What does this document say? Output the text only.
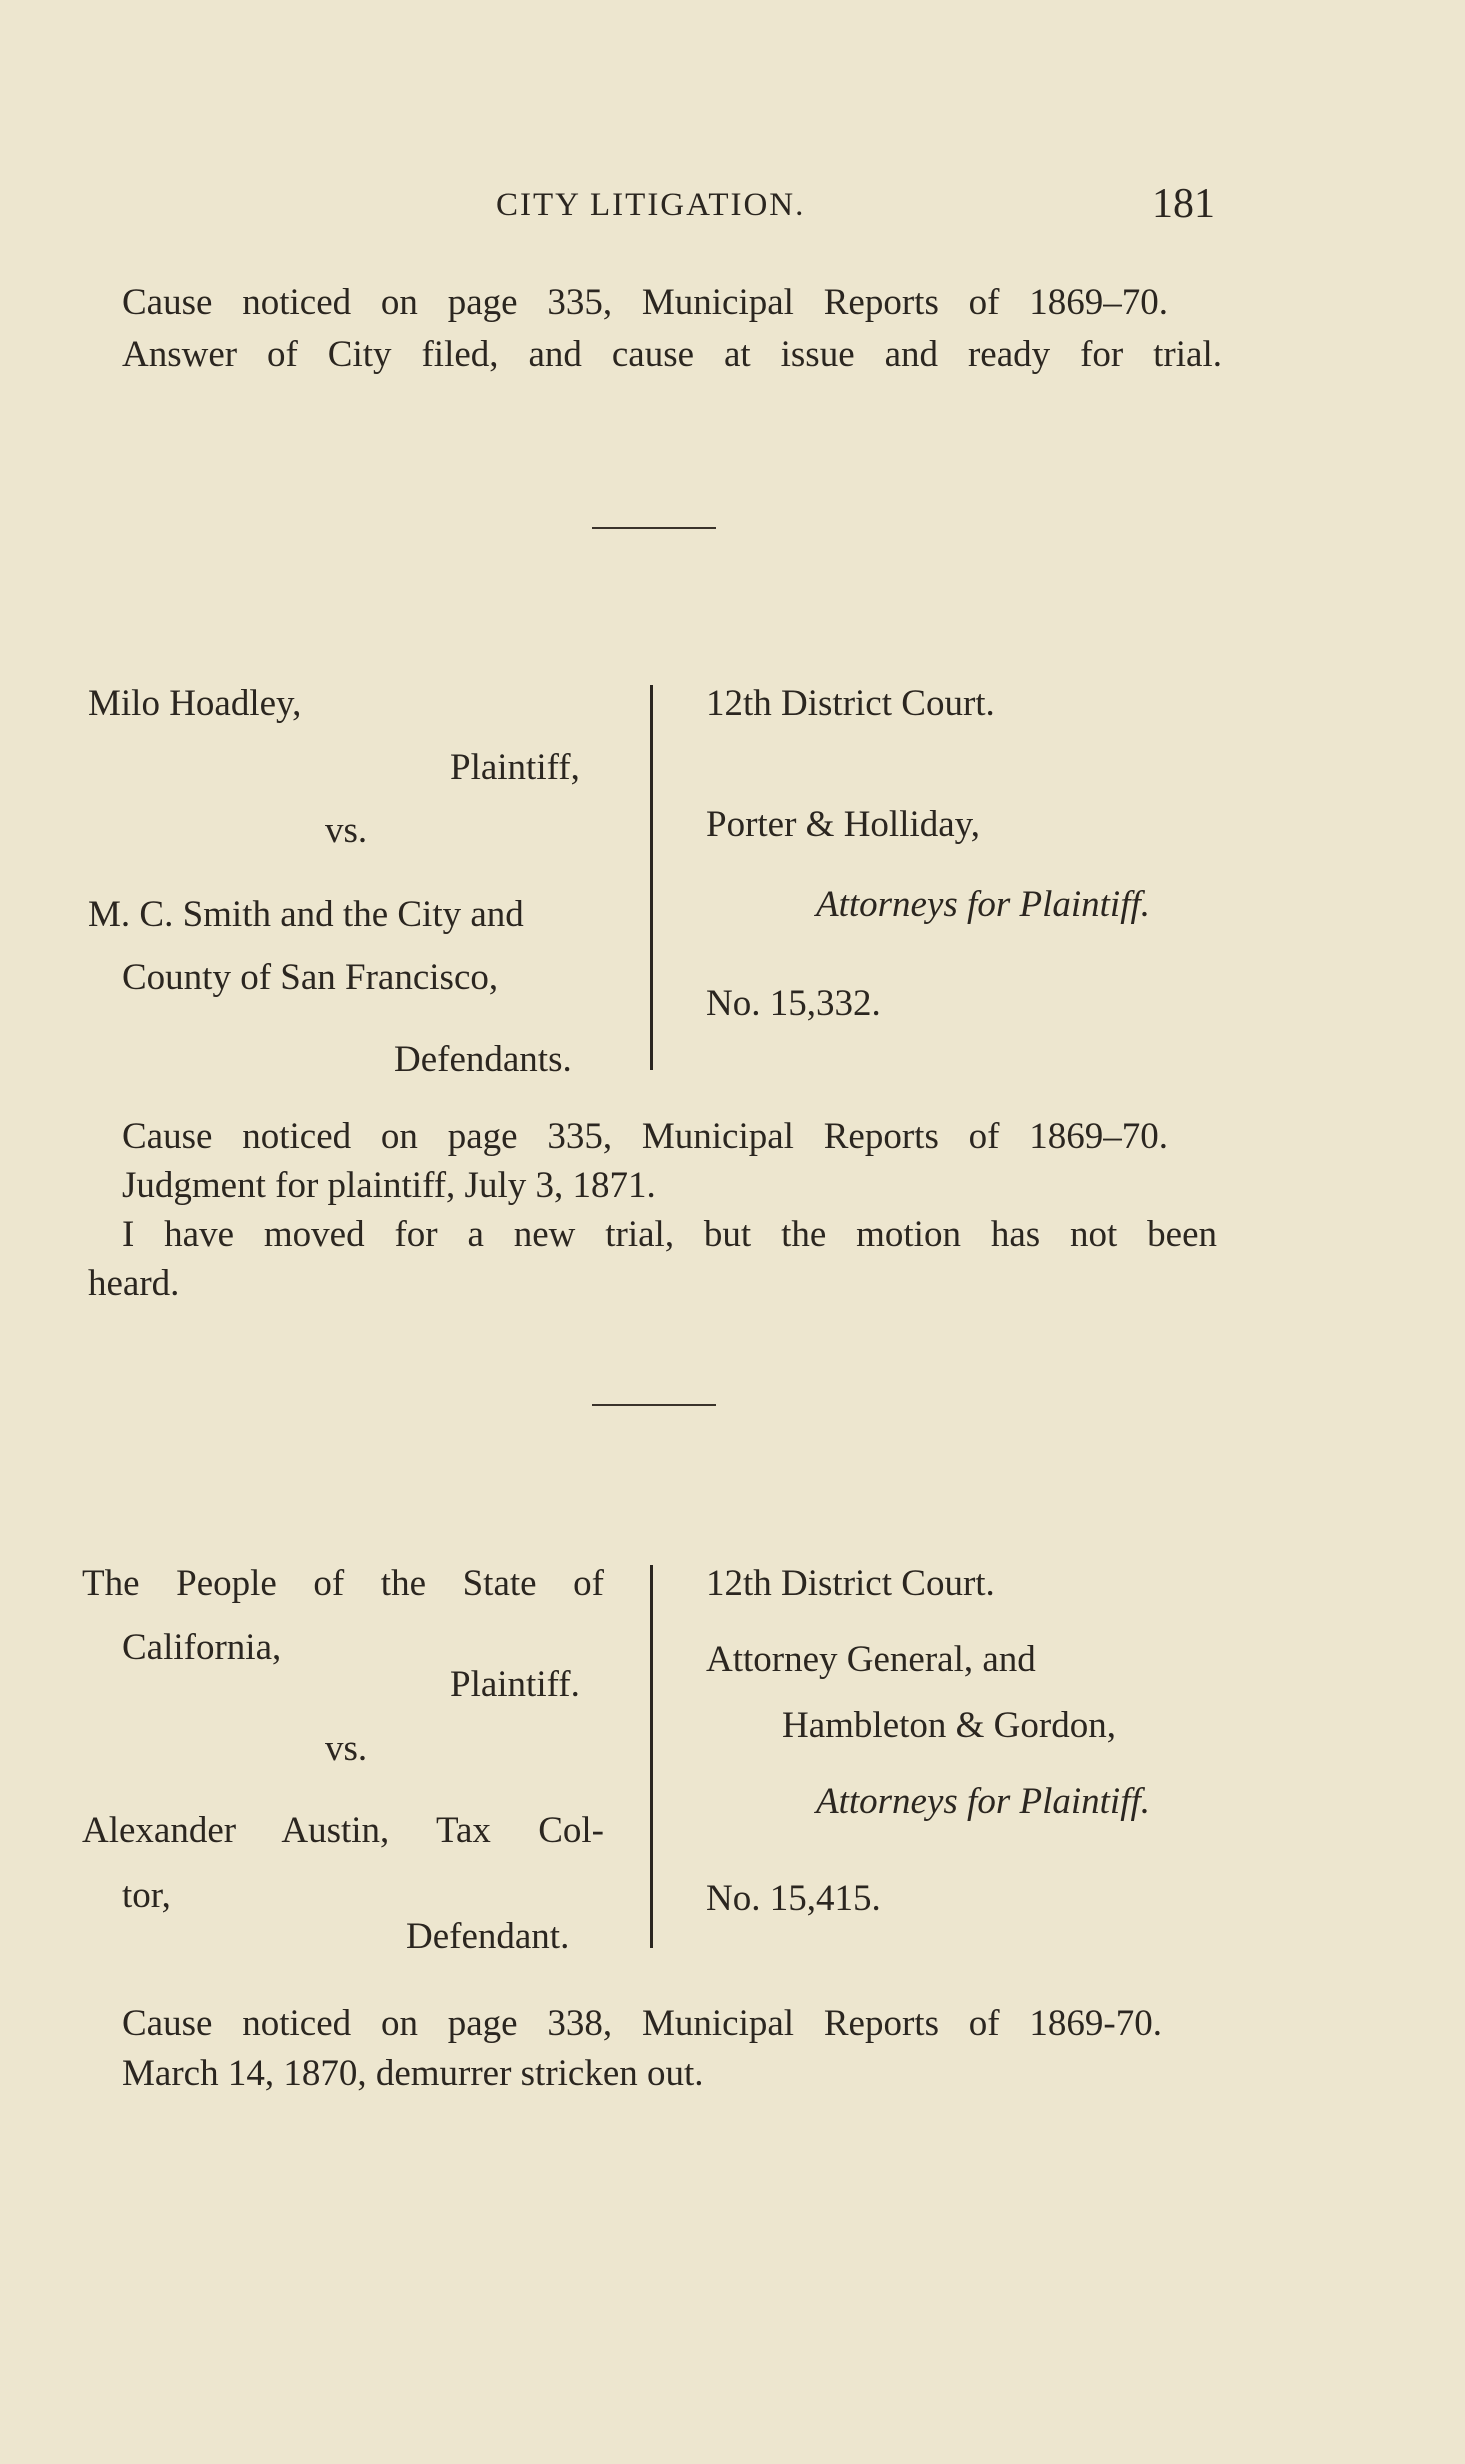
CITY LITIGATION.	181
Cause noticed on page 335, Municipal Reports of 1869–70.
Answer of City filed, and cause at issue and ready for trial.
Milo Hoadley,
Plaintiff,
vs.
M. C. Smith and the City and
County of San Francisco,
Defendants.
12th District Court.
Porter & Holliday,
Attorneys for Plaintiff.
No. 15,332.
Cause noticed on page 335, Municipal Reports of 1869–70.
Judgment for plaintiff, July 3, 1871.
I have moved for a new trial, but the motion has not been
heard.
The People of the State of
California,
Plaintiff.
vs.
Alexander Austin, Tax Col-
tor,
Defendant.
12th District Court.
Attorney General, and
Hambleton & Gordon,
Attorneys for Plaintiff.
No. 15,415.
Cause noticed on page 338, Municipal Reports of 1869-70.
March 14, 1870, demurrer stricken out.
